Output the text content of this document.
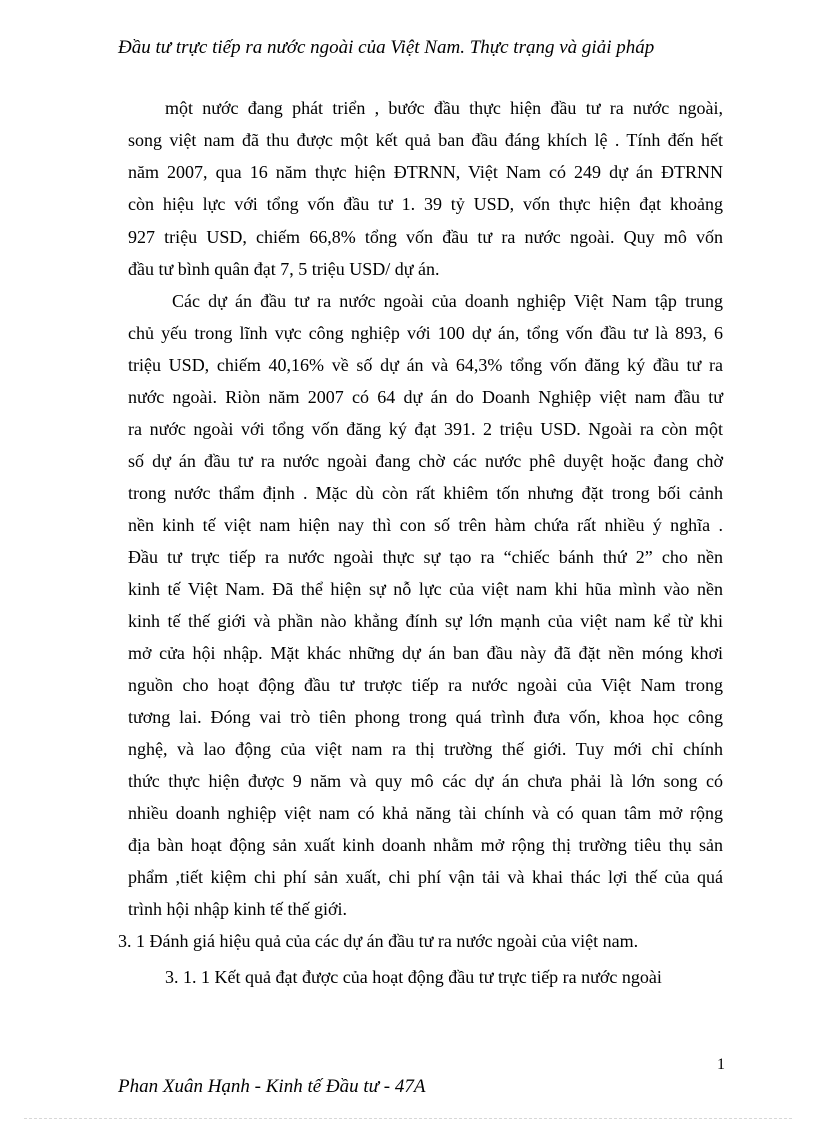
Đầu tư trực tiếp ra nước ngoài của Việt Nam. Thực trạng và giải pháp
một nước đang phát triển , bước đầu thực hiện đầu tư ra nước ngoài,
song việt nam đã thu được một kết quả ban đầu đáng khích lệ . Tính đến hết
năm 2007, qua 16 năm thực hiện ĐTRNN, Việt Nam có 249 dự án ĐTRNN
còn hiệu lực với tổng vốn đầu tư 1. 39 tỷ USD, vốn thực hiện đạt khoảng
927 triệu USD, chiếm 66,8% tổng vốn đầu tư ra nước ngoài. Quy mô vốn
đầu tư bình quân đạt 7, 5 triệu USD/ dự án.
Các dự án đầu tư ra nước ngoài của doanh nghiệp Việt Nam tập trung
chủ yếu trong lĩnh vực công nghiệp với 100 dự án, tổng vốn đầu tư là 893, 6
triệu USD, chiếm 40,16% về số dự án và 64,3% tổng vốn đăng ký đầu tư ra
nước ngoài. Riòn năm 2007 có 64 dự án do Doanh Nghiệp việt nam đầu tư
ra nước ngoài với tổng vốn đăng ký đạt 391. 2 triệu USD. Ngoài ra còn một
số dự án đầu tư ra nước ngoài đang chờ các nước phê duyệt hoặc đang chờ
trong nước thẩm định . Mặc dù còn rất khiêm tốn nhưng đặt trong bối cảnh
nền kinh tế việt nam hiện nay thì con số trên hàm chứa rất nhiều ý nghĩa .
Đầu tư trực tiếp ra nước ngoài thực sự tạo ra “chiếc bánh thứ 2” cho nền
kinh tế Việt Nam. Đã thể hiện sự nỗ lực của việt nam khi hũa mình vào nền
kinh tế thế giới và phần nào khẳng đính sự lớn mạnh của việt nam kể từ khi
mở cửa hội nhập. Mặt khác những dự án ban đầu này đã đặt nền móng khơi
nguồn cho hoạt động đầu tư trược tiếp ra nước ngoài của Việt Nam trong
tương lai. Đóng vai trò tiên phong trong quá trình đưa vốn, khoa học công
nghệ, và lao động của việt nam ra thị trường thế giới. Tuy mới chỉ chính
thức thực hiện được 9 năm và quy mô các dự án chưa phải là lớn song có
nhiều doanh nghiệp việt nam có khả năng tài chính và có quan tâm mở rộng
địa bàn hoạt động sản xuất kinh doanh nhằm mở rộng thị trường tiêu thụ sản
phẩm ,tiết kiệm chi phí sản xuất, chi phí vận tải và khai thác lợi thế của quá
trình hội nhập kinh tế thế giới.
3. 1 Đánh giá hiệu quả của các dự án đầu tư ra nước ngoài của việt nam.
3. 1. 1 Kết quả đạt được của hoạt động đầu tư trực tiếp ra nước ngoài
1
Phan Xuân Hạnh - Kinh tế Đầu tư - 47A
